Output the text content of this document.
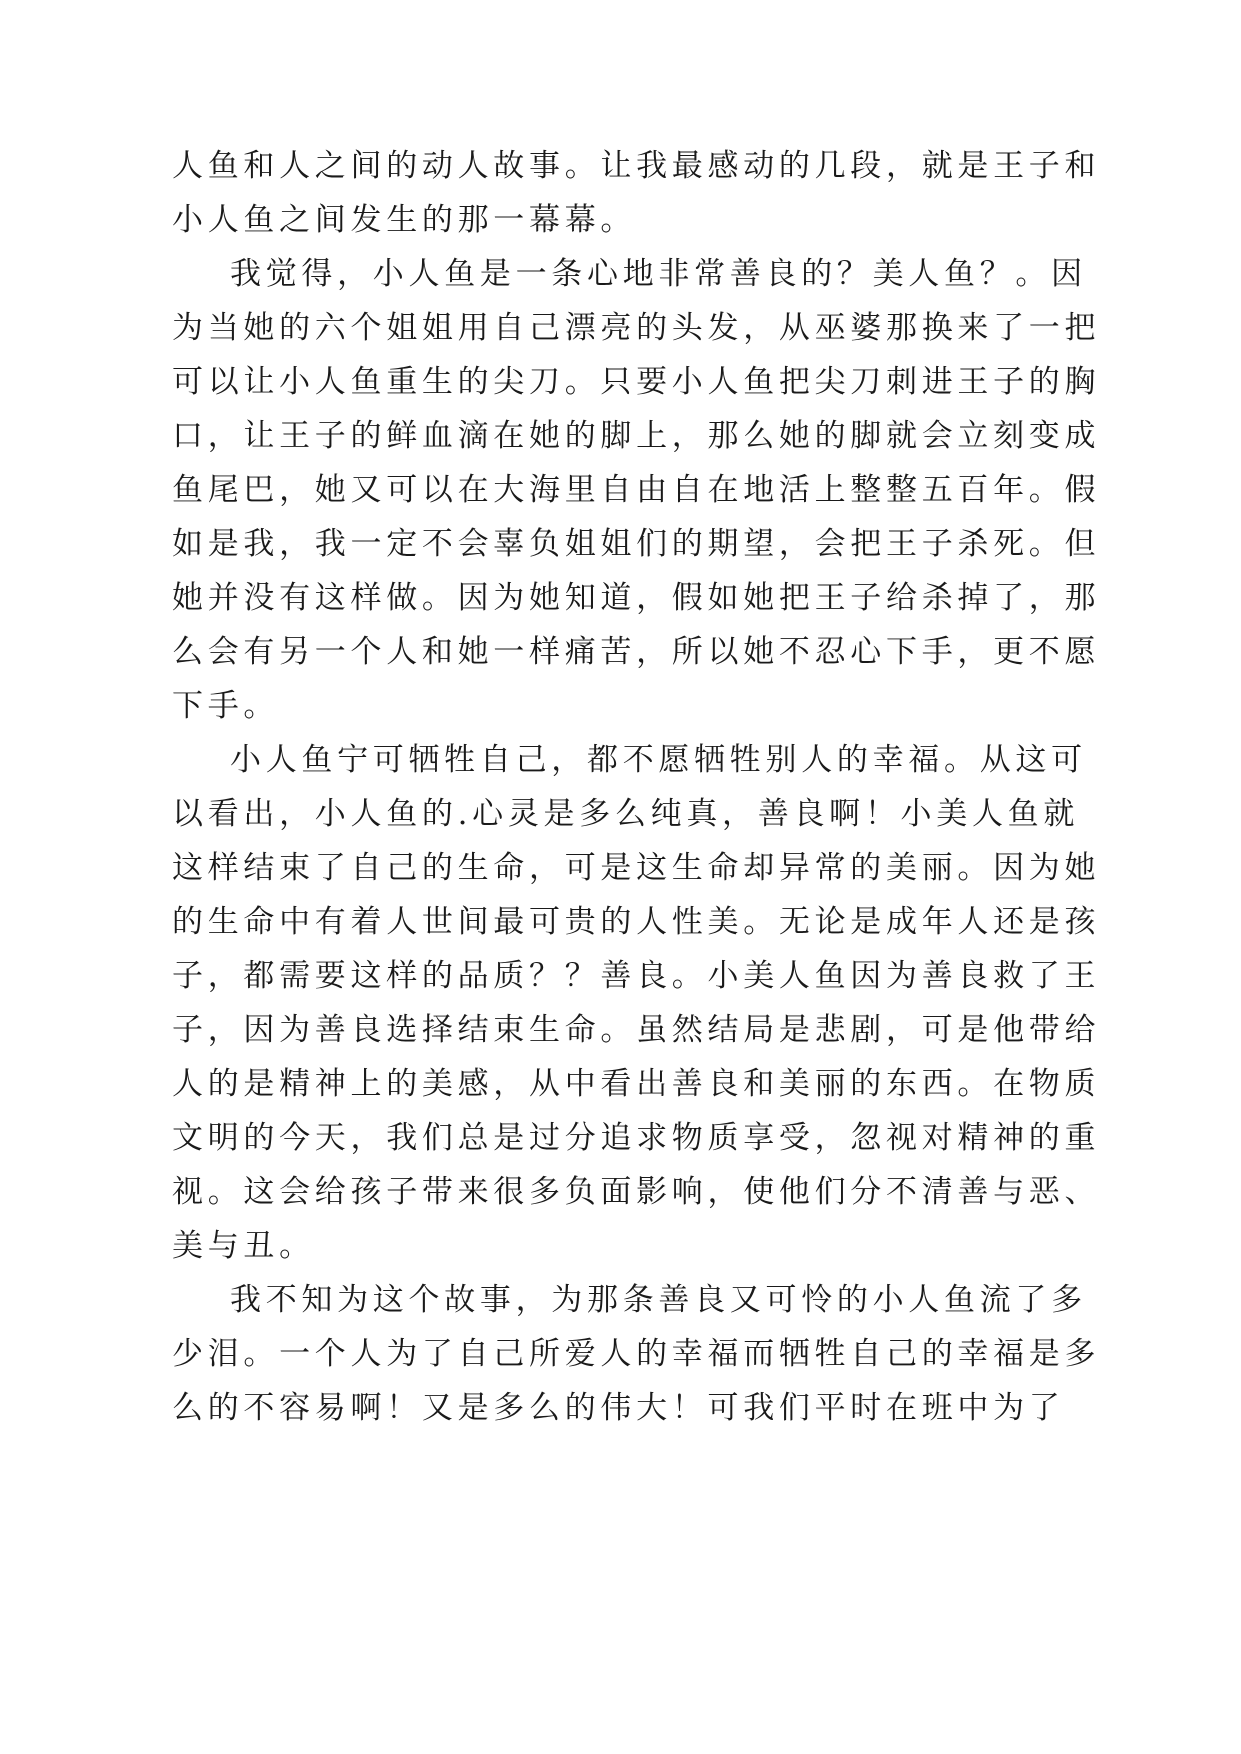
人鱼和人之间的动人故事。让我最感动的几段，就是王子和
小人鱼之间发生的那一幕幕。
我觉得，小人鱼是一条心地非常善良的？美人鱼？。因
为当她的六个姐姐用自己漂亮的头发，从巫婆那换来了一把
可以让小人鱼重生的尖刀。只要小人鱼把尖刀刺进王子的胸
口，让王子的鲜血滴在她的脚上，那么她的脚就会立刻变成
鱼尾巴，她又可以在大海里自由自在地活上整整五百年。假
如是我，我一定不会辜负姐姐们的期望，会把王子杀死。但
她并没有这样做。因为她知道，假如她把王子给杀掉了，那
么会有另一个人和她一样痛苦，所以她不忍心下手，更不愿
下手。
小人鱼宁可牺牲自己，都不愿牺牲别人的幸福。从这可
以看出，小人鱼的.心灵是多么纯真，善良啊！小美人鱼就
这样结束了自己的生命，可是这生命却异常的美丽。因为她
的生命中有着人世间最可贵的人性美。无论是成年人还是孩
子，都需要这样的品质？？善良。小美人鱼因为善良救了王
子，因为善良选择结束生命。虽然结局是悲剧，可是他带给
人的是精神上的美感，从中看出善良和美丽的东西。在物质
文明的今天，我们总是过分追求物质享受，忽视对精神的重
视。这会给孩子带来很多负面影响，使他们分不清善与恶、
美与丑。
我不知为这个故事，为那条善良又可怜的小人鱼流了多
少泪。一个人为了自己所爱人的幸福而牺牲自己的幸福是多
么的不容易啊！又是多么的伟大！可我们平时在班中为了
